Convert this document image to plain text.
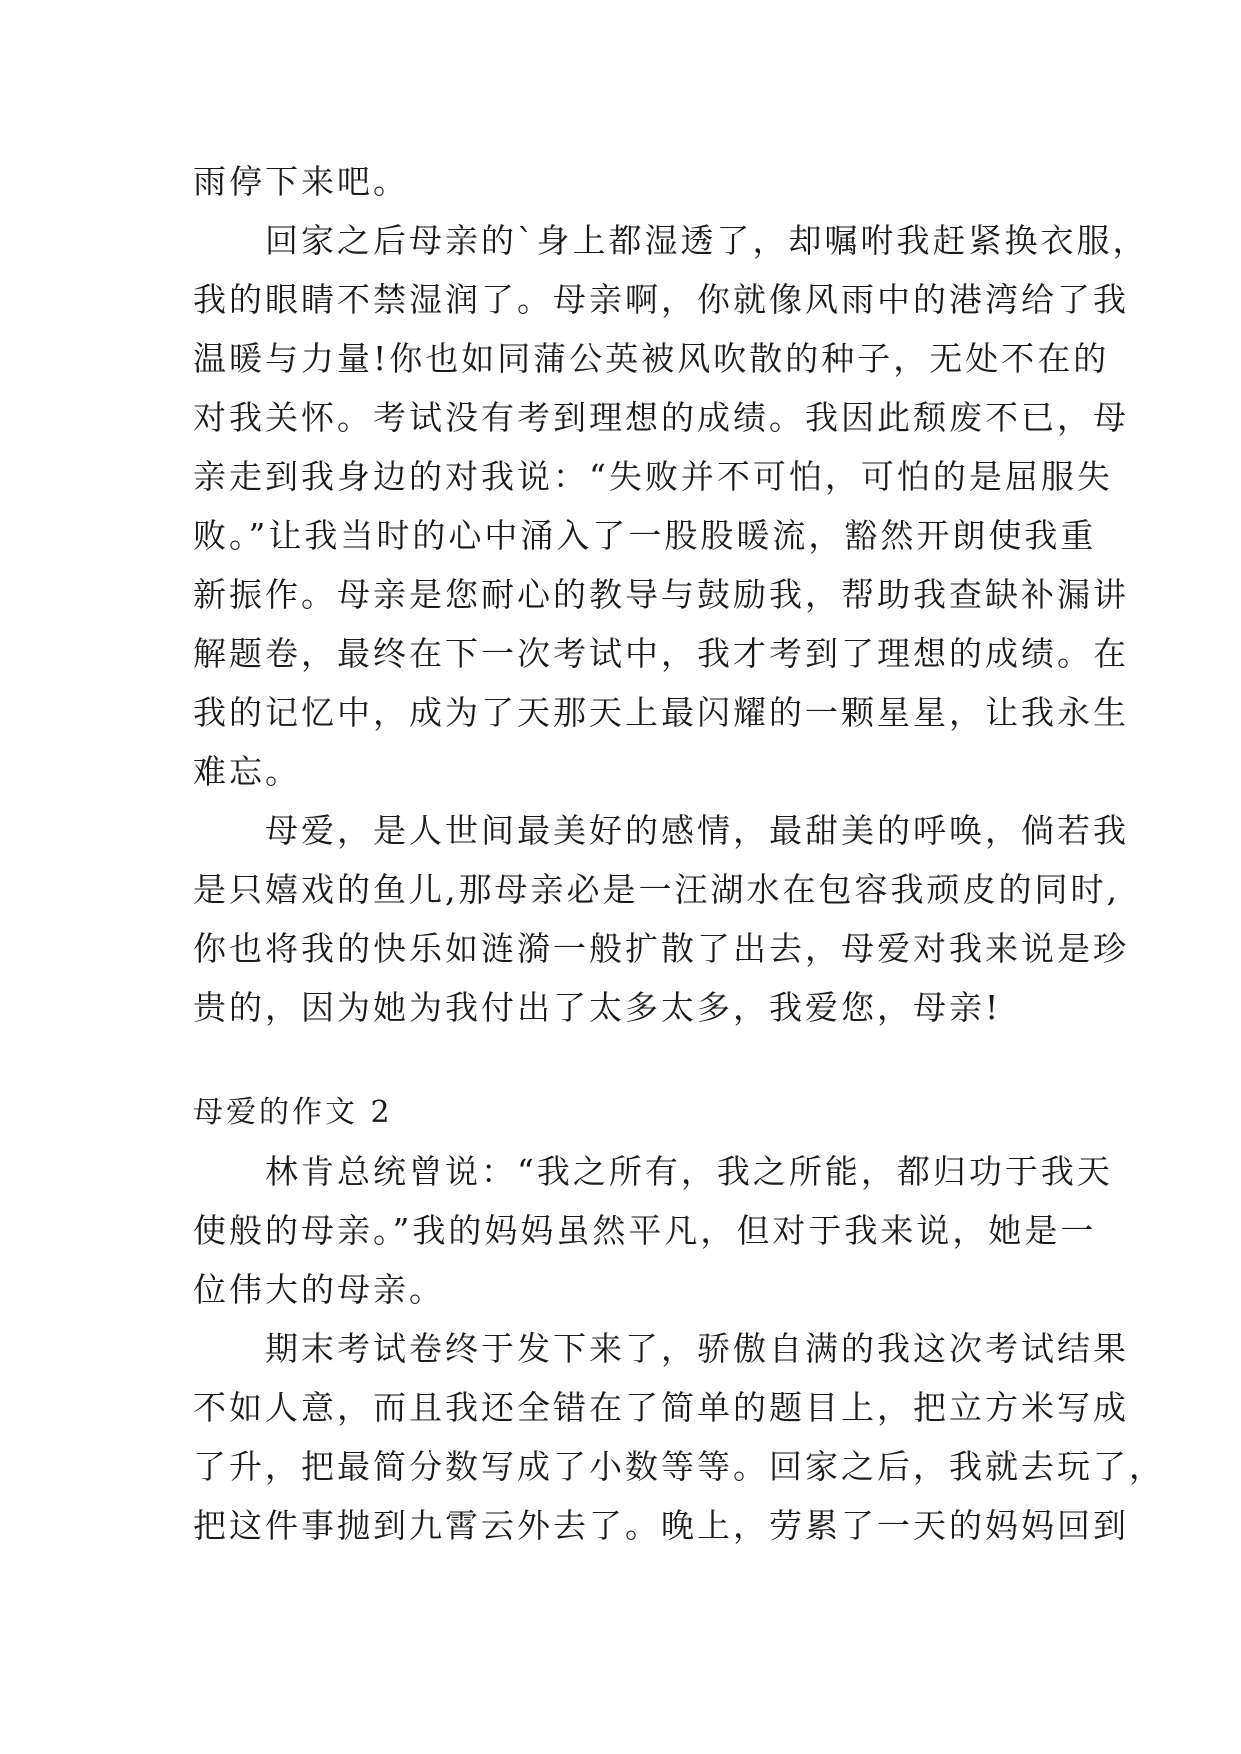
雨停下来吧。
回家之后母亲的`身上都湿透了，却嘱咐我赶紧换衣服，
我的眼睛不禁湿润了。母亲啊，你就像风雨中的港湾给了我
温暖与力量!你也如同蒲公英被风吹散的种子，无处不在的
对我关怀。考试没有考到理想的成绩。我因此颓废不已，母
亲走到我身边的对我说：“失败并不可怕，可怕的是屈服失
败。”让我当时的心中涌入了一股股暖流，豁然开朗使我重
新振作。母亲是您耐心的教导与鼓励我，帮助我查缺补漏讲
解题卷，最终在下一次考试中，我才考到了理想的成绩。在
我的记忆中，成为了天那天上最闪耀的一颗星星，让我永生
难忘。
母爱，是人世间最美好的感情，最甜美的呼唤，倘若我
是只嬉戏的鱼儿,那母亲必是一汪湖水在包容我顽皮的同时,
你也将我的快乐如涟漪一般扩散了出去，母爱对我来说是珍
贵的，因为她为我付出了太多太多，我爱您，母亲!
母爱的作文 2
林肯总统曾说：“我之所有，我之所能，都归功于我天
使般的母亲。”我的妈妈虽然平凡，但对于我来说，她是一
位伟大的母亲。
期末考试卷终于发下来了，骄傲自满的我这次考试结果
不如人意，而且我还全错在了简单的题目上，把立方米写成
了升，把最简分数写成了小数等等。回家之后，我就去玩了，
把这件事抛到九霄云外去了。晚上，劳累了一天的妈妈回到
